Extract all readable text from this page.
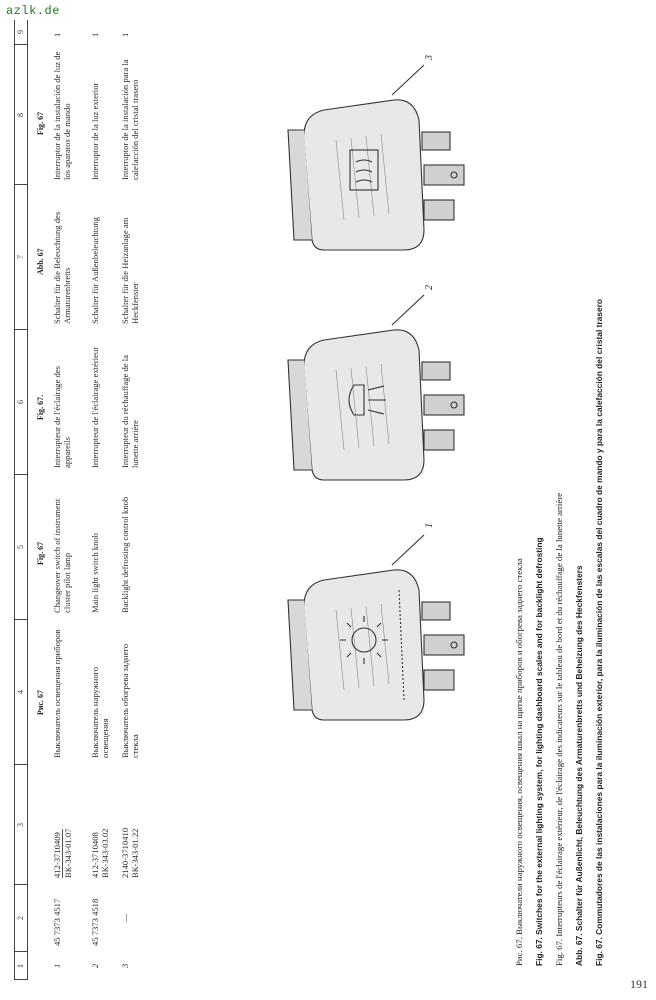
azlk.de
191
1
2
3
4
5
6
7
8
9
Рис. 67
Fig. 67
Fig. 67.
Abb. 67
Fig. 67
1
45 7373 4517
412-3710409 ВК-343-01.07
Выключатель освещения приборов
Changeover switch of instrument cluster pilot lamp
Interrupteur de l'éclairage des appareils
Schalter für die Beleuchtung des Armaturenbretts
Interruptor de la instalación de luz de los aparatos de mando
1
2
45 7373 4518
412-3710408 ВК-343-03.02
Выключатель наружного освещения
Main light switch knob
Interrupteur de l'éclairage extérieur
Schalter für Außenbeleuchtung
Interruptor de la luz exterior
1
3
—
2140-3710410 ВК-343-01.22
Выключатель обогрева заднего стекла
Backlight defrosting control knob
Interrupteur du réchauffage de la lunette arrière
Schalter für die Heizanlage am Heckfenster
Interruptor de la instalación para la calefacción del cristal trasero
1
1
2
3
Рис. 67. Выключатели наружного освещения, освещения шкал на щитке приборов и обогрева заднего стекла Fig. 67. Switches for the external lighting system, for lighting dashboard scales and for backlight defrosting Fig. 67. Interrupteurs de l'éclairage extérieur, de l'éclairage des indicateurs sur le tableau de bord et du réchauffage de la lunette arrière Abb. 67. Schalter für Außenlicht, Beleuchtung des Armaturenbretts und Beheizung des Heckfensters Fig. 67. Commutadores de las instalaciones para la iluminación exterior, para la iluminación de las escalas del cuadro de mando y para la calefacción del cristal trasero
